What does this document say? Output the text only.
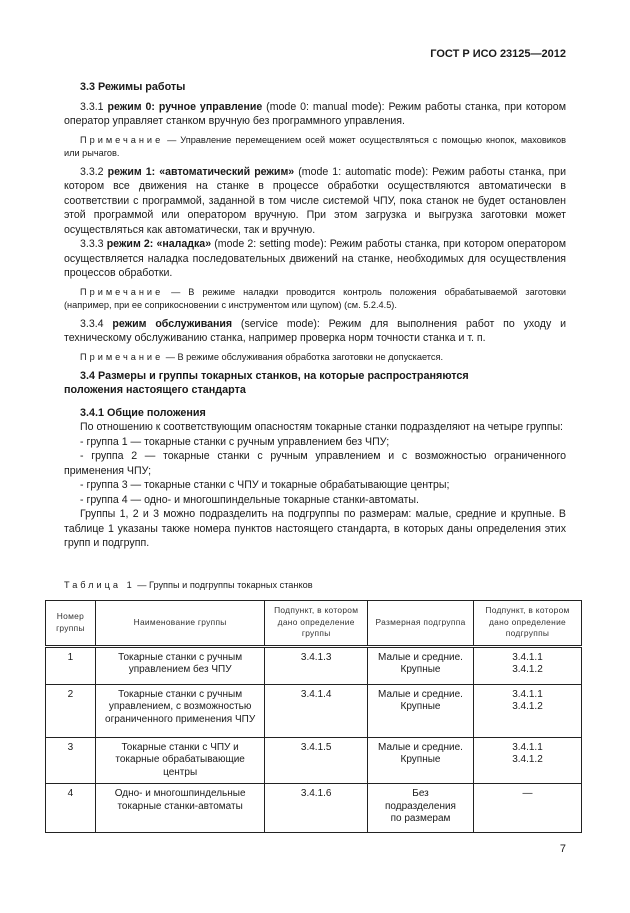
ГОСТ Р ИСО 23125—2012
3.3 Режимы работы
3.3.1 режим 0: ручное управление (mode 0: manual mode): Режим работы станка, при котором оператор управляет станком вручную без программного управления.
Примечание — Управление перемещением осей может осуществляться с помощью кнопок, маховиков или рычагов.
3.3.2 режим 1: «автоматический режим» (mode 1: automatic mode): Режим работы станка, при котором все движения на станке в процессе обработки осуществляются автоматически в соответствии с программой, заданной в том числе системой ЧПУ, пока станок не будет остановлен этой программой или оператором вручную. При этом загрузка и выгрузка заготовки может осуществляться как автоматически, так и вручную.
3.3.3 режим 2: «наладка» (mode 2: setting mode): Режим работы станка, при котором оператором осуществляется наладка последовательных движений на станке, необходимых для осуществления процессов обработки.
Примечание — В режиме наладки проводится контроль положения обрабатываемой заготовки (например, при ее соприкосновении с инструментом или щупом) (см. 5.2.4.5).
3.3.4 режим обслуживания (service mode): Режим для выполнения работ по уходу и техническому обслуживанию станка, например проверка норм точности станка и т. п.
Примечание — В режиме обслуживания обработка заготовки не допускается.
3.4 Размеры и группы токарных станков, на которые распространяются положения настоящего стандарта
3.4.1 Общие положения
По отношению к соответствующим опасностям токарные станки подразделяют на четыре группы:
- группа 1 — токарные станки с ручным управлением без ЧПУ;
- группа 2 — токарные станки с ручным управлением и с возможностью ограниченного применения ЧПУ;
- группа 3 — токарные станки с ЧПУ и токарные обрабатывающие центры;
- группа 4 — одно- и многошпиндельные токарные станки-автоматы.
Группы 1, 2 и 3 можно подразделить на подгруппы по размерам: малые, средние и крупные. В таблице 1 указаны также номера пунктов настоящего стандарта, в которых даны определения этих групп и подгрупп.
Таблица 1 — Группы и подгруппы токарных станков
Номер группы	Наименование группы	Подпункт, в котором дано определение группы	Размерная подгруппа	Подпункт, в котором дано определение подгруппы
1	Токарные станки с ручным управлением без ЧПУ	3.4.1.3	Малые и средние. Крупные	3.4.1.1 3.4.1.2
2	Токарные станки с ручным управлением, с возможностью ограниченного применения ЧПУ	3.4.1.4	Малые и средние. Крупные	3.4.1.1 3.4.1.2
3	Токарные станки с ЧПУ и токарные обрабатывающие центры	3.4.1.5	Малые и средние. Крупные	3.4.1.1 3.4.1.2
4	Одно- и многошпиндельные токарные станки-автоматы	3.4.1.6	Без подразделения по размерам	—
7
